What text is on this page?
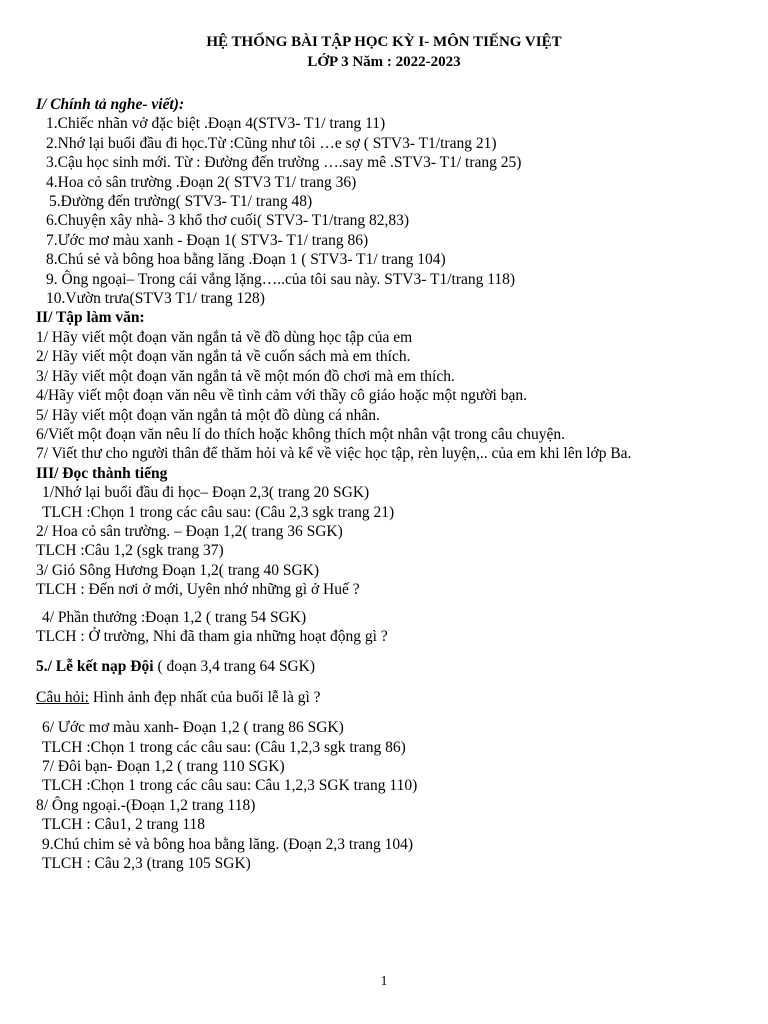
HỆ THỐNG BÀI TẬP HỌC KỲ I- MÔN TIẾNG VIỆT
LỚP 3 Năm : 2022-2023

I/ Chính tả nghe- viết):

1.Chiếc nhãn vở đặc biệt .Đoạn 4(STV3- T1/ trang 11)

2.Nhớ lại buổi đầu đi học.Từ :Cũng như tôi …e sợ ( STV3- T1/trang 21)

3.Cậu học sinh mới. Từ : Đường đến trường ….say mê .STV3- T1/ trang 25)

4.Hoa cỏ sân trường .Đoạn 2( STV3 T1/ trang 36)

5.Đường đến trường( STV3- T1/ trang 48)

6.Chuyện xây nhà- 3 khổ thơ cuối( STV3- T1/trang 82,83)

7.Ước mơ màu xanh - Đoạn 1( STV3- T1/ trang 86)

8.Chú sẻ và bông hoa bằng lăng .Đoạn 1 ( STV3- T1/ trang 104)

9. Ông ngoại– Trong cái vắng lặng…..của tôi sau này. STV3- T1/trang 118)

10.Vườn trưa(STV3 T1/ trang 128)

II/ Tập làm văn:

1/ Hãy viết một đoạn văn ngắn tả về đồ dùng học tập của em

2/ Hãy viết một đoạn văn ngắn tả về cuốn sách mà em thích.

3/ Hãy viết một đoạn văn ngắn tả về một món đồ chơi mà em thích.

4/Hãy viết một đoạn văn nêu về tình cảm với thầy cô giáo hoặc một người bạn.

5/ Hãy viết một đoạn văn ngắn tả một đồ dùng cá nhân.

6/Viết một đoạn văn nêu lí do thích hoặc không thích một nhân vật trong câu chuyện.

7/ Viết thư cho người thân để thăm hỏi và kể về việc học tập, rèn luyện,.. của em khi lên lớp Ba.

III/ Đọc thành tiếng

1/Nhớ lại buổi đầu đi học– Đoạn 2,3( trang 20 SGK)

TLCH :Chọn 1 trong các câu sau: (Câu 2,3 sgk trang 21)

2/ Hoa cỏ sân trường. – Đoạn 1,2( trang 36 SGK)

TLCH :Câu 1,2 (sgk trang 37)

3/ Gió Sông Hương Đoạn 1,2( trang 40 SGK)

TLCH : Đến nơi ở mới, Uyên nhớ những gì ở Huế ?

4/ Phần thưởng :Đoạn 1,2 ( trang 54 SGK)

TLCH : Ở trường, Nhi đã tham gia những hoạt động gì ?

5./ Lễ kết nạp Đội ( đoạn 3,4 trang 64 SGK)

Câu hỏi: Hình ảnh đẹp nhất của buổi lễ là gì ?

6/ Ước mơ màu xanh- Đoạn 1,2 ( trang 86 SGK)

TLCH :Chọn 1 trong các câu sau: (Câu 1,2,3 sgk trang 86)

7/ Đôi bạn- Đoạn 1,2 ( trang 110 SGK)

TLCH :Chọn 1 trong các câu sau: Câu 1,2,3 SGK trang 110)

8/ Ông ngoại.-(Đoạn 1,2 trang 118)

TLCH : Câu1, 2 trang 118

9.Chú chim sẻ và bông hoa bằng lăng. (Đoạn 2,3 trang 104)

TLCH : Câu 2,3 (trang 105 SGK)

1
